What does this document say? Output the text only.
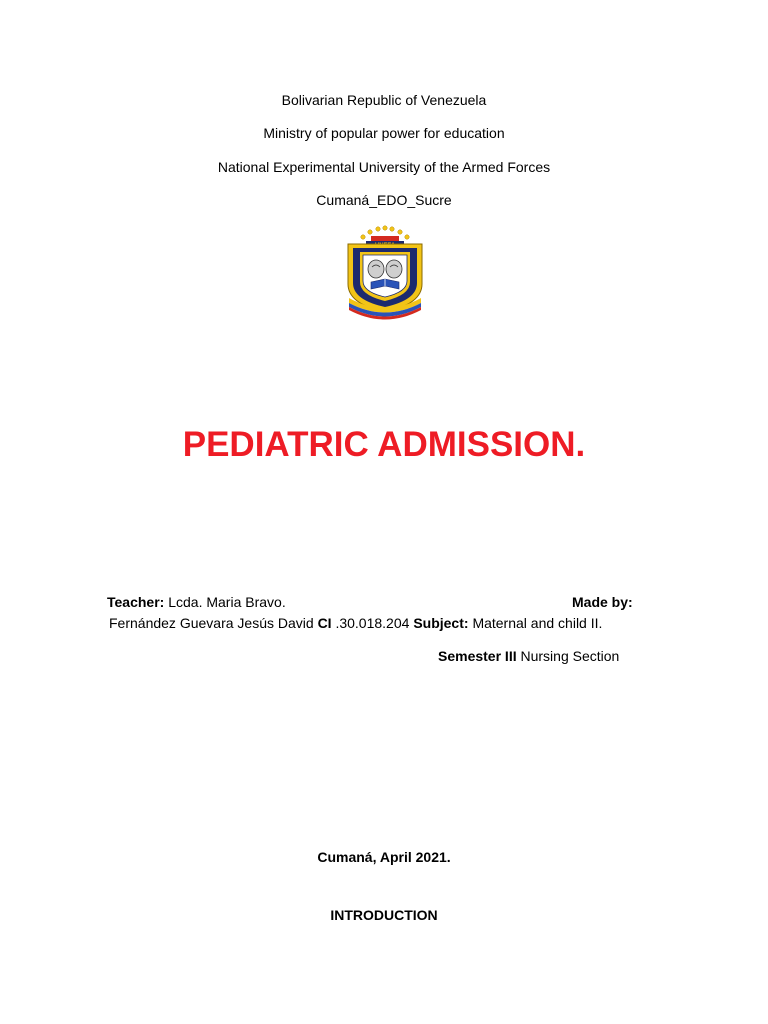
Bolivarian Republic of Venezuela
Ministry of popular power for education
National Experimental University of the Armed Forces
Cumaná_EDO_Sucre
PEDIATRIC ADMISSION.
Teacher: Lcda. Maria Bravo.	Made by:
Fernández Guevara Jesús David CI .30.018.204 Subject: Maternal and child II.
Semester III Nursing Section
Cumaná, April 2021.
INTRODUCTION
